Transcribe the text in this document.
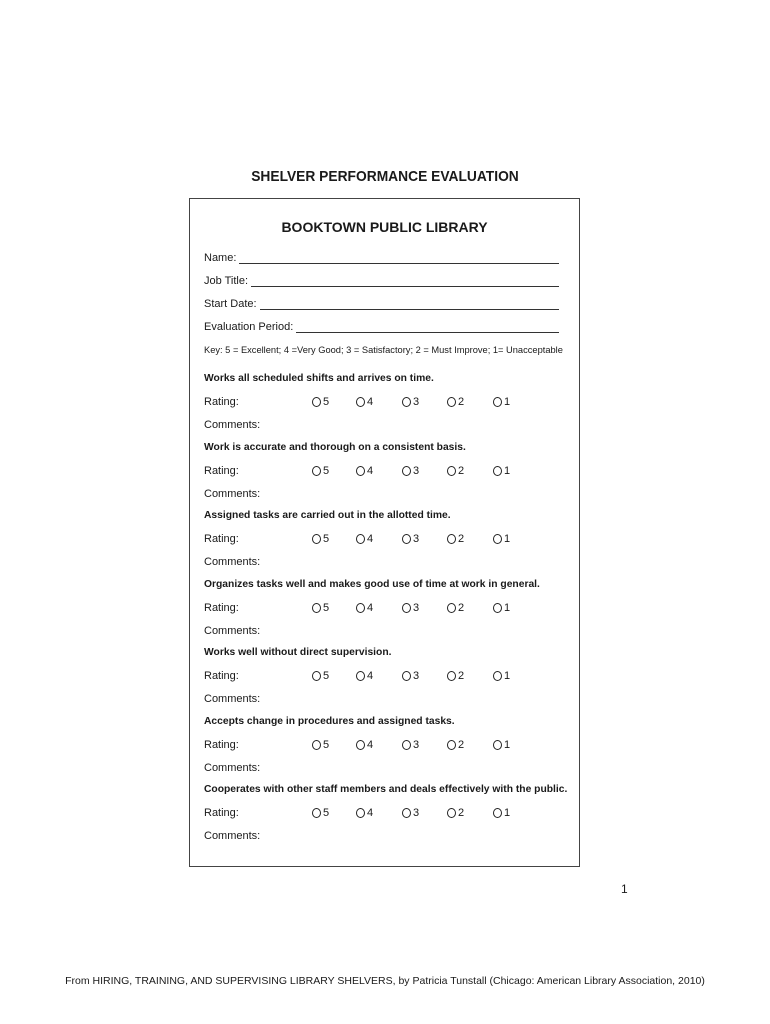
SHELVER PERFORMANCE EVALUATION
BOOKTOWN PUBLIC LIBRARY
Name:
Job Title:
Start Date:
Evaluation Period:
Key: 5 = Excellent; 4 =Very Good; 3 = Satisfactory; 2 = Must Improve; 1= Unacceptable
Works all scheduled shifts and arrives on time.
Rating:	5	4	3	2	1
Comments:
Work is accurate and thorough on a consistent basis.
Rating:	5	4	3	2	1
Comments:
Assigned tasks are carried out in the allotted time.
Rating:	5	4	3	2	1
Comments:
Organizes tasks well and makes good use of time at work in general.
Rating:	5	4	3	2	1
Comments:
Works well without direct supervision.
Rating:	5	4	3	2	1
Comments:
Accepts change in procedures and assigned tasks.
Rating:	5	4	3	2	1
Comments:
Cooperates with other staff members and deals effectively with the public.
Rating:	5	4	3	2	1
Comments:
1
From HIRING, TRAINING, AND SUPERVISING LIBRARY SHELVERS, by Patricia Tunstall (Chicago: American Library Association, 2010)
